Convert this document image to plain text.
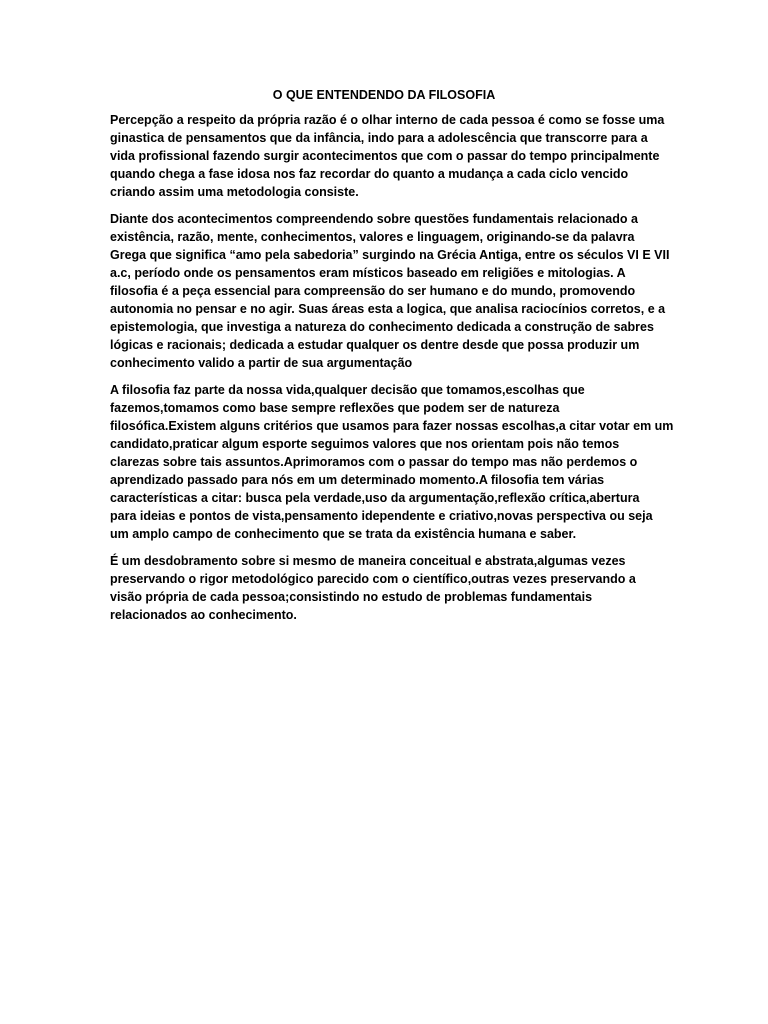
O QUE ENTENDENDO DA FILOSOFIA

Percepção a respeito da própria razão é o olhar interno de cada pessoa é como se fosse uma
ginastica de pensamentos que da infância, indo para a adolescência que transcorre para a
vida profissional fazendo surgir acontecimentos que com o passar do tempo principalmente
quando chega a fase idosa nos faz recordar do quanto a mudança a cada ciclo vencido
criando assim uma metodologia consiste.

Diante dos acontecimentos compreendendo sobre questões fundamentais relacionado a
existência, razão, mente, conhecimentos, valores e linguagem, originando-se da palavra
Grega que significa “amo pela sabedoria” surgindo na Grécia Antiga, entre os séculos VI E VII
a.c, período onde os pensamentos eram místicos baseado em religiões e mitologias. A
filosofia é a peça essencial para compreensão do ser humano e do mundo, promovendo
autonomia no pensar e no agir. Suas áreas esta a logica, que analisa raciocínios corretos, e a
epistemologia, que investiga a natureza do conhecimento dedicada a construção de sabres
lógicas e racionais; dedicada a estudar qualquer os dentre desde que possa produzir um
conhecimento valido a partir de sua argumentação

A filosofia faz parte da nossa vida,qualquer decisão que tomamos,escolhas que
fazemos,tomamos como base sempre reflexões que podem ser de natureza
filosófica.Existem alguns critérios que usamos para fazer nossas escolhas,a citar votar em um
candidato,praticar algum esporte seguimos valores que nos orientam pois não temos
clarezas sobre tais assuntos.Aprimoramos com o passar do tempo mas não perdemos o
aprendizado passado para nós em um determinado momento.A filosofia tem várias
características a citar: busca pela verdade,uso da argumentação,reflexão crítica,abertura
para ideias e pontos de vista,pensamento idependente e criativo,novas perspectiva ou seja
um amplo campo de conhecimento que se trata da existência humana e saber.

É um desdobramento sobre si mesmo de maneira conceitual e abstrata,algumas vezes
preservando o rigor metodológico parecido com o científico,outras vezes preservando a
visão própria de cada pessoa;consistindo no estudo de problemas fundamentais
relacionados ao conhecimento.
